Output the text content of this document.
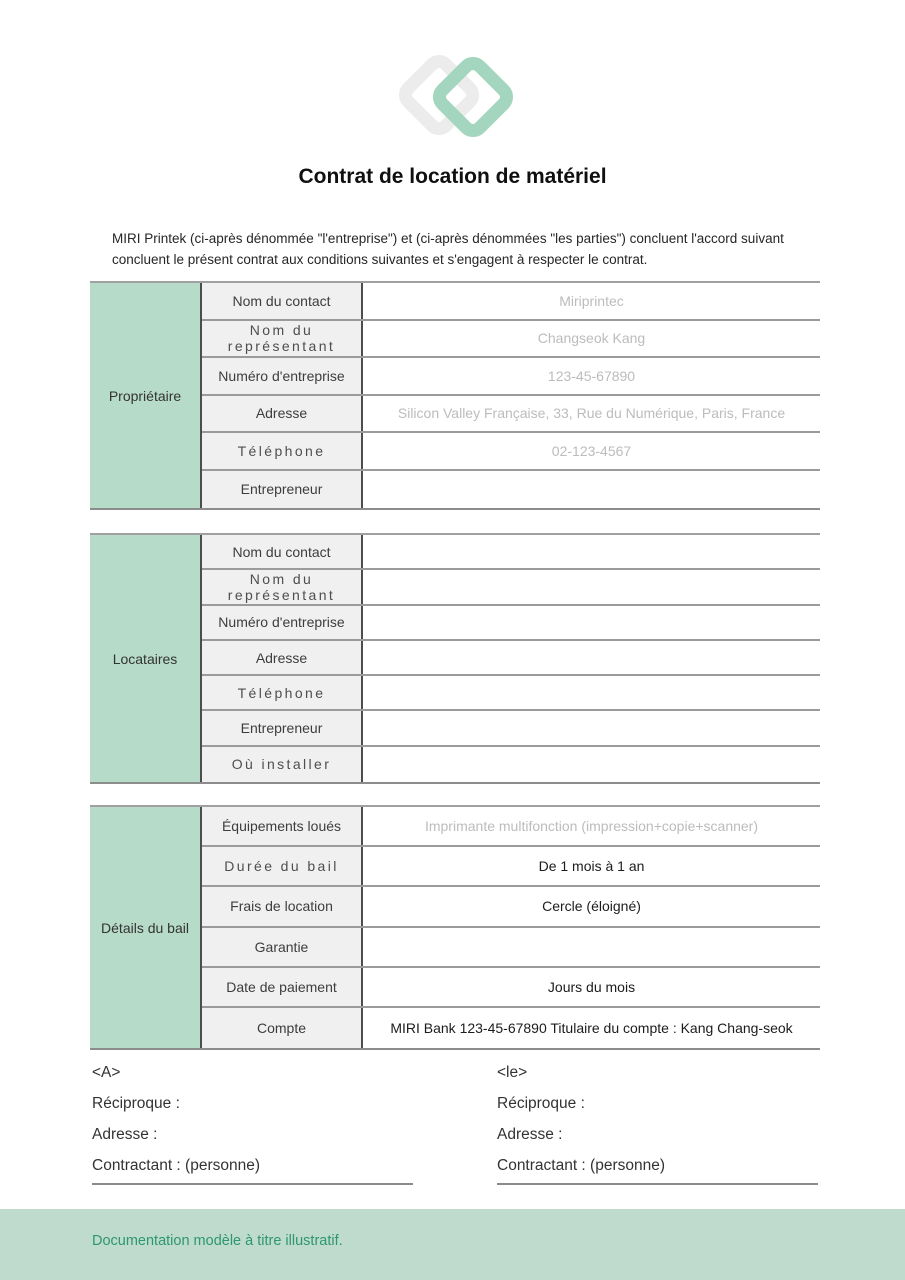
Contrat de location de matériel

MIRI Printek (ci-après dénommée "l'entreprise") et (ci-après dénommées "les parties") concluent l'accord suivant
concluent le présent contrat aux conditions suivantes et s'engagent à respecter le contrat.

Propriétaire
Nom du contact	Miriprintec
Nom du représentant	Changseok Kang
Numéro d'entreprise	123-45-67890
Adresse	Silicon Valley Française, 33, Rue du Numérique, Paris, France
Téléphone	02-123-4567
Entrepreneur
Locataires
Nom du contact
Nom du représentant
Numéro d'entreprise
Adresse
Téléphone
Entrepreneur
Où installer
Détails du bail
Équipements loués	Imprimante multifonction (impression+copie+scanner)
Durée du bail	De 1 mois à 1 an
Frais de location	Cercle (éloigné)
Garantie
Date de paiement	Jours du mois
Compte	MIRI Bank 123-45-67890 Titulaire du compte : Kang Chang-seok

<A>

Réciproque :

Adresse :

Contractant : (personne)

<le>

Réciproque :

Adresse :

Contractant : (personne)

Documentation modèle à titre illustratif.
